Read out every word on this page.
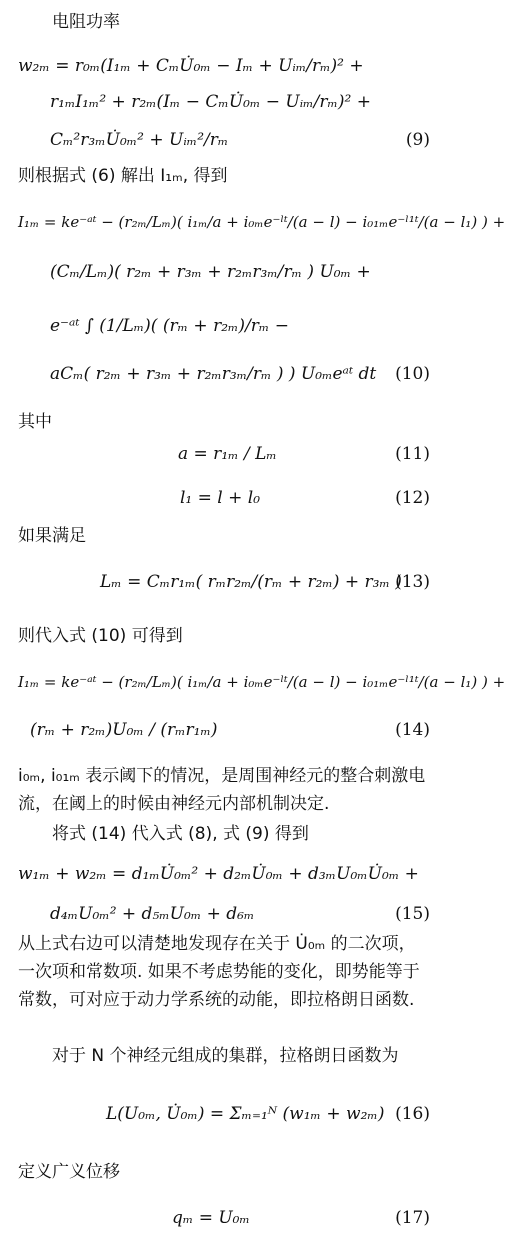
电阻功率
w₂ₘ = r₀ₘ(I₁ₘ + CₘU̇₀ₘ − Iₘ + Uᵢₘ/rₘ)² +
r₁ₘI₁ₘ² + r₂ₘ(Iₘ − CₘU̇₀ₘ − Uᵢₘ/rₘ)² +
Cₘ²r₃ₘU̇₀ₘ² + Uᵢₘ²/rₘ	(9)
则根据式 (6) 解出 I₁ₘ, 得到
I₁ₘ = ke⁻ᵃᵗ − (r₂ₘ/Lₘ)( i₁ₘ/a + i₀ₘe⁻ˡᵗ/(a − l) − i₀₁ₘe⁻ˡ¹ᵗ/(a − l₁) ) +
(Cₘ/Lₘ)( r₂ₘ + r₃ₘ + r₂ₘr₃ₘ/rₘ ) U₀ₘ +
e⁻ᵃᵗ ∫ (1/Lₘ)( (rₘ + r₂ₘ)/rₘ −
aCₘ( r₂ₘ + r₃ₘ + r₂ₘr₃ₘ/rₘ ) ) U₀ₘeᵃᵗ dt (10)
其中
a = r₁ₘ / Lₘ	(11)
l₁ = l + l₀	(12)
如果满足
Lₘ = Cₘr₁ₘ( rₘr₂ₘ/(rₘ + r₂ₘ) + r₃ₘ )
(13)
则代入式 (10) 可得到
I₁ₘ = ke⁻ᵃᵗ − (r₂ₘ/Lₘ)( i₁ₘ/a + i₀ₘe⁻ˡᵗ/(a − l) − i₀₁ₘe⁻ˡ¹ᵗ/(a − l₁) ) +
(rₘ + r₂ₘ)U₀ₘ / (rₘr₁ₘ)	(14)
i₀ₘ, i₀₁ₘ 表示阈下的情况，是周围神经元的整合刺激电流，在阈上的时候由神经元内部机制决定.
将式 (14) 代入式 (8), 式 (9) 得到
w₁ₘ + w₂ₘ = d₁ₘU̇₀ₘ² + d₂ₘU̇₀ₘ + d₃ₘU₀ₘU̇₀ₘ +
d₄ₘU₀ₘ² + d₅ₘU₀ₘ + d₆ₘ	(15)
从上式右边可以清楚地发现存在关于 U̇₀ₘ 的二次项，一次项和常数项. 如果不考虑势能的变化，即势能等于常数，可对应于动力学系统的动能，即拉格朗日函数.
对于 N 个神经元组成的集群，拉格朗日函数为
L(U₀ₘ, U̇₀ₘ) = Σₘ₌₁ᴺ (w₁ₘ + w₂ₘ) (16)
定义广义位移
qₘ = U₀ₘ	(17)
